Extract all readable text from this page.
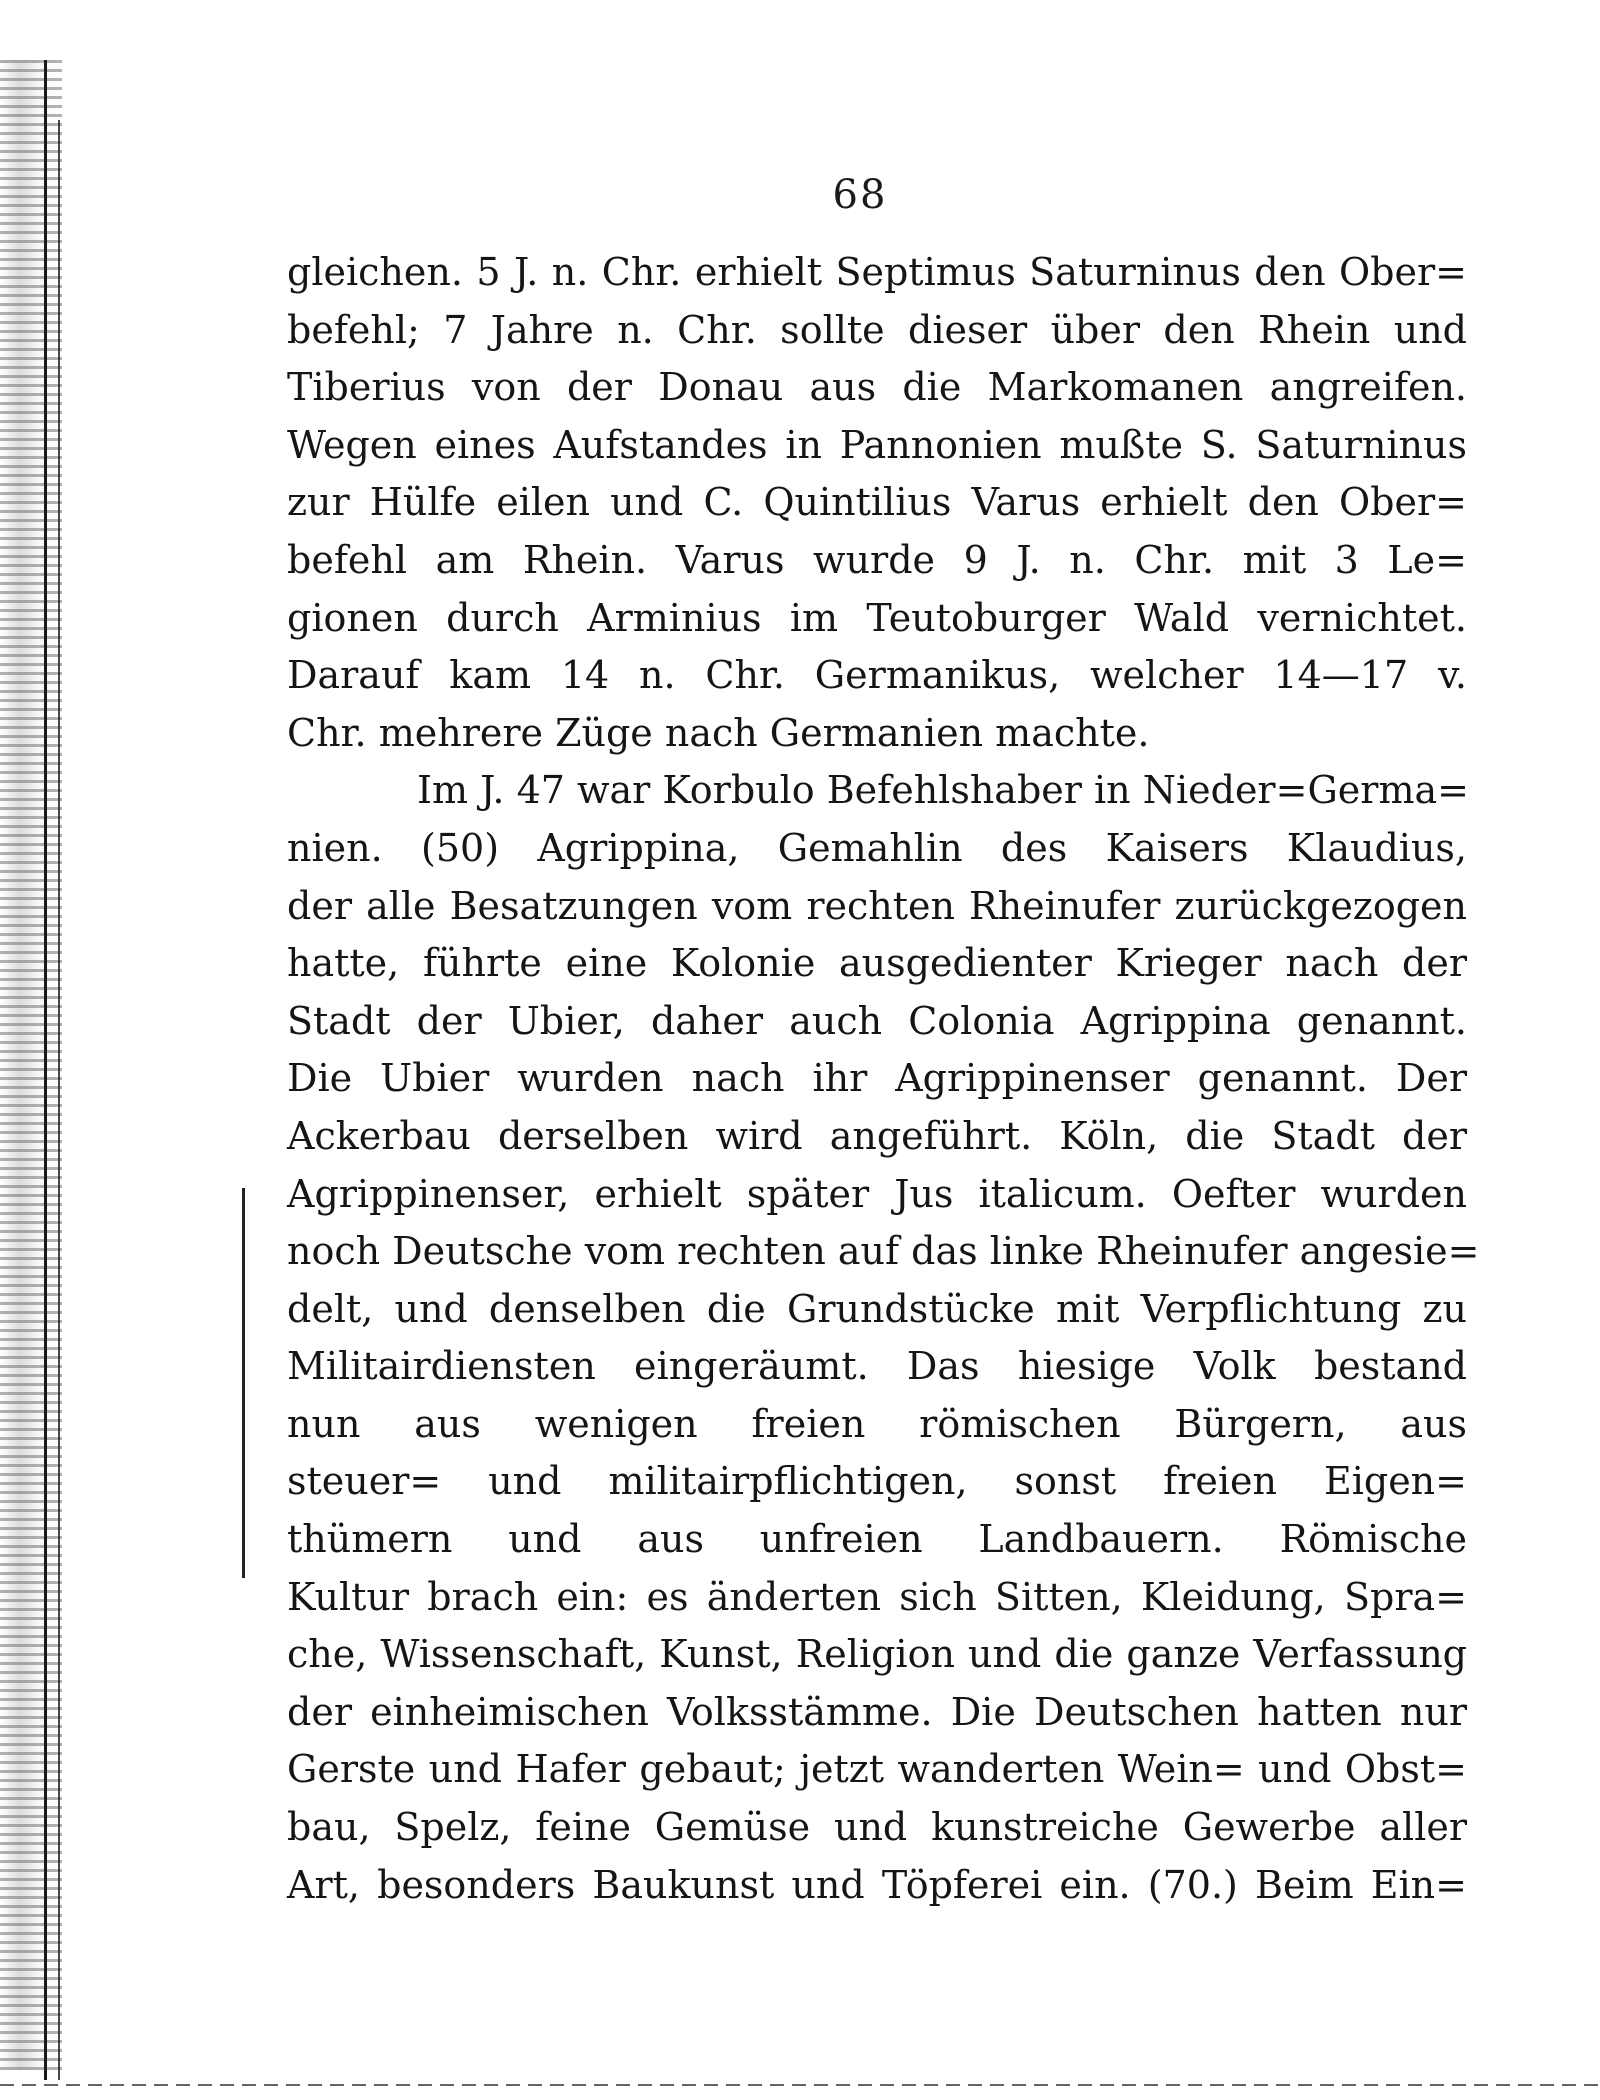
68
gleichen. 5 J. n. Chr. erhielt Septimus Saturninus den Ober=
befehl; 7 Jahre n. Chr. sollte dieser über den Rhein und
Tiberius von der Donau aus die Markomanen angreifen.
Wegen eines Aufstandes in Pannonien mußte S. Saturninus
zur Hülfe eilen und C. Quintilius Varus erhielt den Ober=
befehl am Rhein. Varus wurde 9 J. n. Chr. mit 3 Le=
gionen durch Arminius im Teutoburger Wald vernichtet.
Darauf kam 14 n. Chr. Germanikus, welcher 14—17 v.
Chr. mehrere Züge nach Germanien machte.
Im J. 47 war Korbulo Befehlshaber in Nieder=Germa=
nien. (50) Agrippina, Gemahlin des Kaisers Klaudius,
der alle Besatzungen vom rechten Rheinufer zurückgezogen
hatte, führte eine Kolonie ausgedienter Krieger nach der
Stadt der Ubier, daher auch Colonia Agrippina genannt.
Die Ubier wurden nach ihr Agrippinenser genannt. Der
Ackerbau derselben wird angeführt. Köln, die Stadt der
Agrippinenser, erhielt später Jus italicum. Oefter wurden
noch Deutsche vom rechten auf das linke Rheinufer angesie=
delt, und denselben die Grundstücke mit Verpflichtung zu
Militairdiensten eingeräumt. Das hiesige Volk bestand
nun aus wenigen freien römischen Bürgern, aus
steuer= und militairpflichtigen, sonst freien Eigen=
thümern und aus unfreien Landbauern. Römische
Kultur brach ein: es änderten sich Sitten, Kleidung, Spra=
che, Wissenschaft, Kunst, Religion und die ganze Verfassung
der einheimischen Volksstämme. Die Deutschen hatten nur
Gerste und Hafer gebaut; jetzt wanderten Wein= und Obst=
bau, Spelz, feine Gemüse und kunstreiche Gewerbe aller
Art, besonders Baukunst und Töpferei ein. (70.) Beim Ein=
